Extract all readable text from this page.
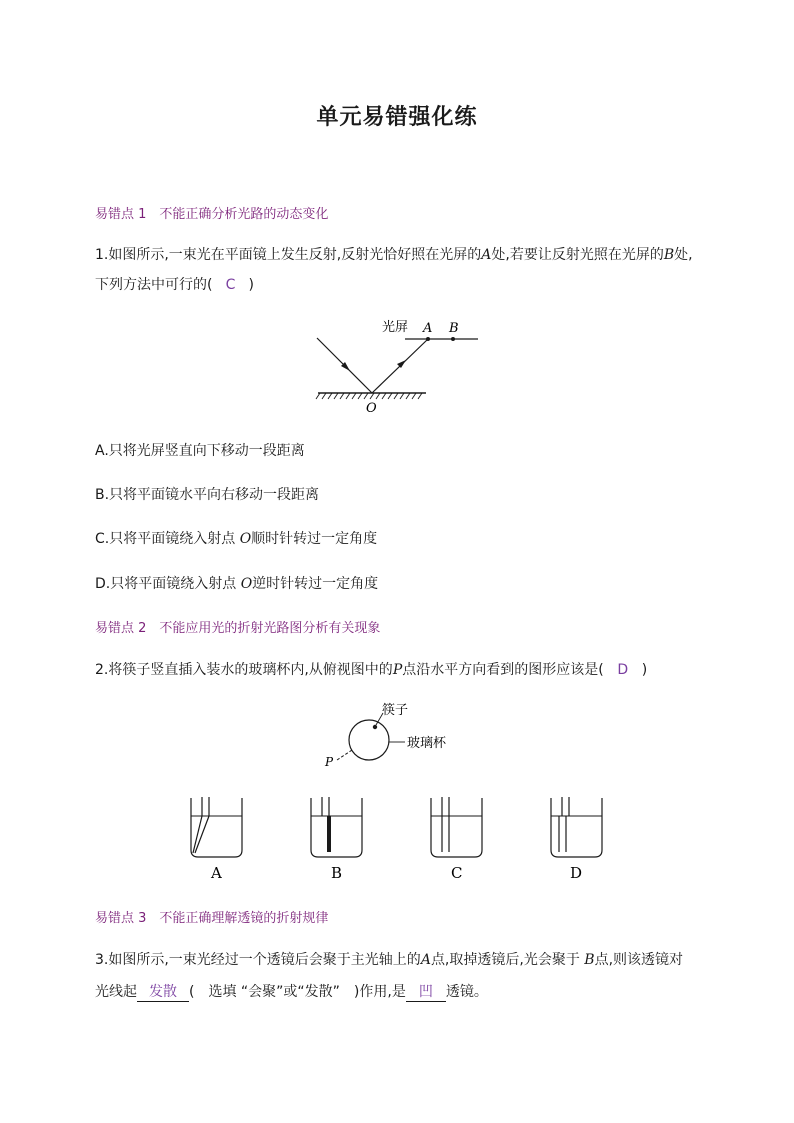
单元易错强化练
易错点 1　不能正确分析光路的动态变化
1.如图所示,一束光在平面镜上发生反射,反射光恰好照在光屏的A处,若要让反射光照在光屏的B处,
下列方法中可行的( C )
光屏 A B
O
A.只将光屏竖直向下移动一段距离
B.只将平面镜水平向右移动一段距离
C.只将平面镜绕入射点 O顺时针转过一定角度
D.只将平面镜绕入射点 O逆时针转过一定角度
易错点 2　不能应用光的折射光路图分析有关现象
2.将筷子竖直插入装水的玻璃杯内,从俯视图中的P点沿水平方向看到的图形应该是( D )
筷子
玻璃杯
P
A	B	C	D
易错点 3　不能正确理解透镜的折射规律
3.如图所示,一束光经过一个透镜后会聚于主光轴上的A点,取掉透镜后,光会聚于 B点,则该透镜对
光线起 发散 (　选填 “会聚”或“发散”　)作用,是 凹 透镜。
